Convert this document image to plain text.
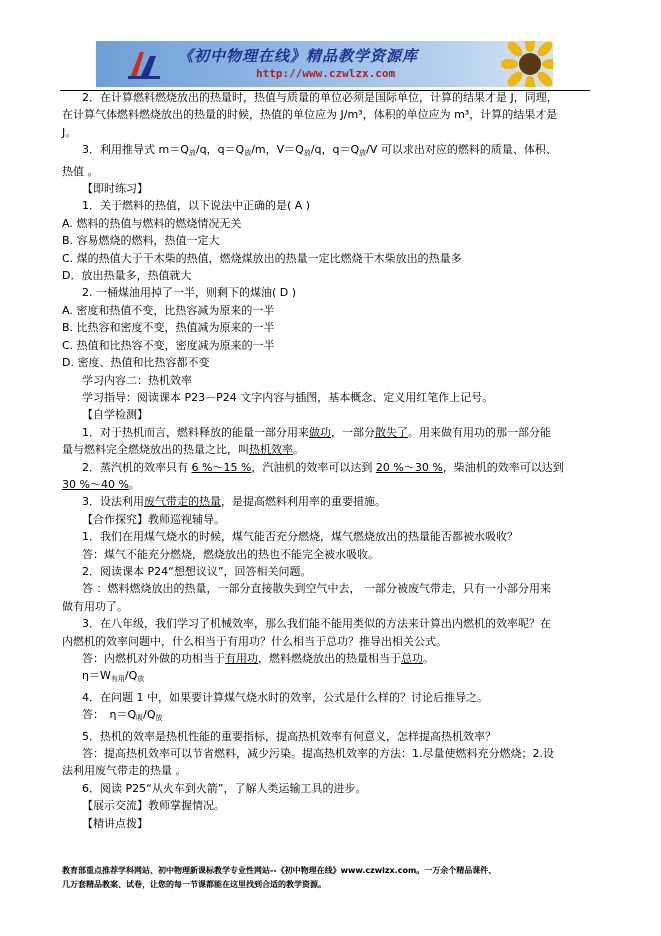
《初中物理在线》精品教学资源库
http://www.czwlzx.com

2．在计算燃料燃烧放出的热量时，热值与质量的单位必须是国际单位，计算的结果才是 J，同理，

在计算气体燃料燃烧放出的热量的时候，热值的单位应为 J/m³，体积的单位应为 m³，计算的结果才是

J。

3．利用推导式 $m=Q_放/q$，$q=Q_放/m$，$V=Q_放/q$，$q=Q_放/V$ 可以求出对应的燃料的质量、体积、

热值 。

【即时练习】

1．关于燃料的热值，以下说法中正确的是( A )

A. 燃料的热值与燃料的燃烧情况无关

B. 容易燃烧的燃料，热值一定大

C. 煤的热值大于干木柴的热值，燃烧煤放出的热量一定比燃烧干木柴放出的热量多

D．放出热量多，热值就大

2. 一桶煤油用掉了一半，则剩下的煤油( D )

A. 密度和热值不变，比热容减为原来的一半

B. 比热容和密度不变，热值减为原来的一半

C. 热值和比热容不变，密度减为原来的一半

D. 密度、热值和比热容都不变

学习内容二：热机效率

学习指导：阅读课本 P23－P24 文字内容与插图，基本概念、定义用红笔作上记号。

【自学检测】

1．对于热机而言，燃料释放的能量一部分用来做功，一部分散失了。用来做有用功的那一部分能

量与燃料完全燃烧放出的热量之比，叫热机效率。

2．蒸汽机的效率只有 6 %～15 %，汽油机的效率可以达到 20 %～30 %，柴油机的效率可以达到

30 %～40 %。

3．设法利用废气带走的热量，是提高燃料利用率的重要措施。

【合作探究】教师巡视辅导。

1．我们在用煤气烧水的时候，煤气能否充分燃烧，煤气燃烧放出的热量能否都被水吸收？

答：煤气不能充分燃烧，燃烧放出的热也不能完全被水吸收。

2．阅读课本 P24“想想议议”，回答相关问题。

答 ：燃料燃烧放出的热量，一部分直接散失到空气中去， 一部分被废气带走，只有一小部分用来

做有用功了。

3．在八年级，我们学习了机械效率，那么我们能不能用类似的方法来计算出内燃机的效率呢？在

内燃机的效率问题中，什么相当于有用功？什么相当于总功？推导出相关公式。

答：内燃机对外做的功相当于有用功，燃料燃烧放出的热量相当于总功。

$\eta=W_{有用}/Q_放$

4．在问题 1 中，如果要计算煤气烧水时的效率，公式是什么样的？讨论后推导之。

答：　$\eta=Q_吸/Q_放$

5．热机的效率是热机性能的重要指标，提高热机效率有何意义，怎样提高热机效率？

答：提高热机效率可以节省燃料，减少污染。提高热机效率的方法：1.尽量使燃料充分燃烧；2.设

法利用废气带走的热量 。

6．阅读 P25“从火车到火箭”，了解人类运输工具的进步。

【展示交流】教师掌握情况。

【精讲点拨】

教育部重点推荐学科网站、初中物理新课标教学专业性网站--《初中物理在线》www.czwlzx.com。一万余个精品课件、

几万套精品教案、试卷，让您的每一节课都能在这里找到合适的教学资源。
